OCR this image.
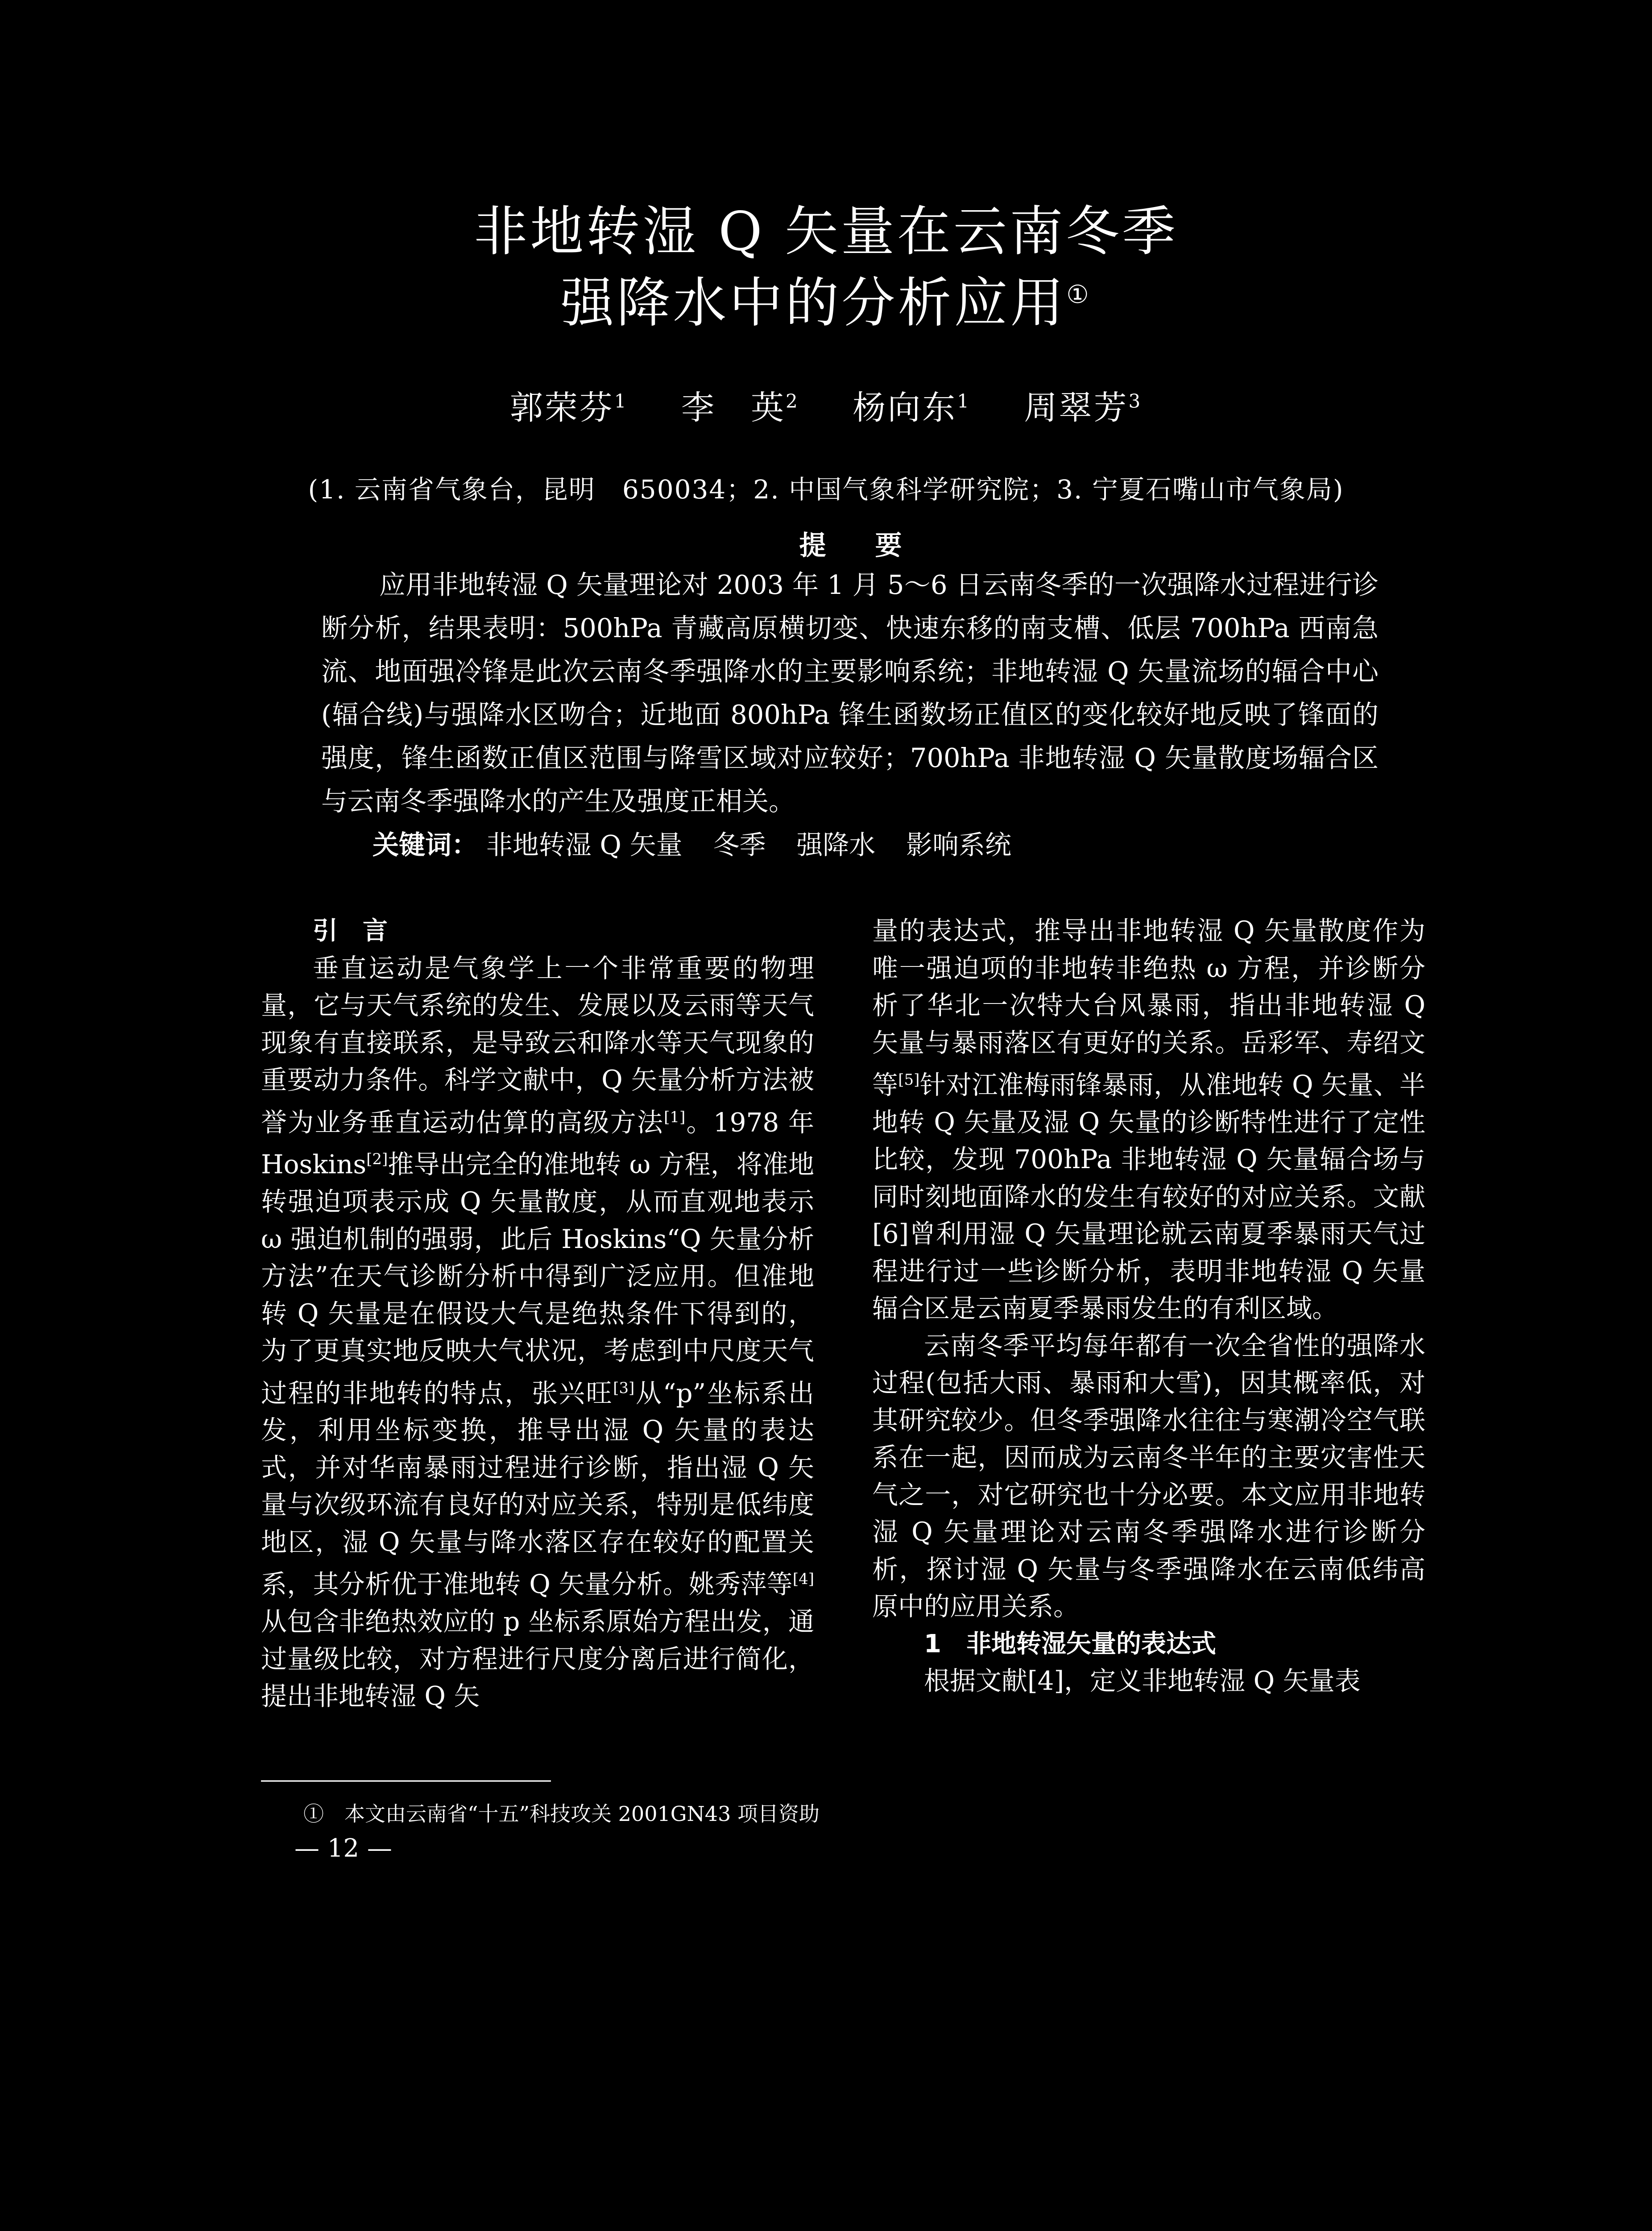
非地转湿 Q 矢量在云南冬季
强降水中的分析应用①
郭荣芬$^1$ 李　英$^2$ 杨向东$^1$ 周翠芳$^3$
(1. 云南省气象台，昆明　650034；2. 中国气象科学研究院；3. 宁夏石嘴山市气象局)
提要

应用非地转湿 Q 矢量理论对 2003 年 1 月 5～6 日云南冬季的一次强降水过程进行诊断分析，结果表明：500hPa 青藏高原横切变、快速东移的南支槽、低层 700hPa 西南急流、地面强冷锋是此次云南冬季强降水的主要影响系统；非地转湿 Q 矢量流场的辐合中心(辐合线)与强降水区吻合；近地面 800hPa 锋生函数场正值区的变化较好地反映了锋面的强度，锋生函数正值区范围与降雪区域对应较好；700hPa 非地转湿 Q 矢量散度场辐合区与云南冬季强降水的产生及强度正相关。

关键词： 非地转湿 Q 矢量 冬季 强降水 影响系统

引　言

垂直运动是气象学上一个非常重要的物理量，它与天气系统的发生、发展以及云雨等天气现象有直接联系，是导致云和降水等天气现象的重要动力条件。科学文献中，Q 矢量分析方法被誉为业务垂直运动估算的高级方法[1]。1978 年 Hoskins[2]推导出完全的准地转 ω 方程，将准地转强迫项表示成 Q 矢量散度，从而直观地表示 ω 强迫机制的强弱，此后 Hoskins“Q 矢量分析方法”在天气诊断分析中得到广泛应用。但准地转 Q 矢量是在假设大气是绝热条件下得到的，为了更真实地反映大气状况，考虑到中尺度天气过程的非地转的特点，张兴旺[3]从“p”坐标系出发，利用坐标变换，推导出湿 Q 矢量的表达式，并对华南暴雨过程进行诊断，指出湿 Q 矢量与次级环流有良好的对应关系，特别是低纬度地区，湿 Q 矢量与降水落区存在较好的配置关系，其分析优于准地转 Q 矢量分析。姚秀萍等[4]从包含非绝热效应的 p 坐标系原始方程出发，通过量级比较，对方程进行尺度分离后进行简化，提出非地转湿 Q 矢

量的表达式，推导出非地转湿 Q 矢量散度作为唯一强迫项的非地转非绝热 ω 方程，并诊断分析了华北一次特大台风暴雨，指出非地转湿 Q 矢量与暴雨落区有更好的关系。岳彩军、寿绍文等[5]针对江淮梅雨锋暴雨，从准地转 Q 矢量、半地转 Q 矢量及湿 Q 矢量的诊断特性进行了定性比较，发现 700hPa 非地转湿 Q 矢量辐合场与同时刻地面降水的发生有较好的对应关系。文献[6]曾利用湿 Q 矢量理论就云南夏季暴雨天气过程进行过一些诊断分析，表明非地转湿 Q 矢量辐合区是云南夏季暴雨发生的有利区域。

云南冬季平均每年都有一次全省性的强降水过程(包括大雨、暴雨和大雪)，因其概率低，对其研究较少。但冬季强降水往往与寒潮冷空气联系在一起，因而成为云南冬半年的主要灾害性天气之一，对它研究也十分必要。本文应用非地转湿 Q 矢量理论对云南冬季强降水进行诊断分析，探讨湿 Q 矢量与冬季强降水在云南低纬高原中的应用关系。

1　非地转湿矢量的表达式

根据文献[4]，定义非地转湿 Q 矢量表

①　本文由云南省“十五”科技攻关 2001GN43 项目资助
— 12 —
